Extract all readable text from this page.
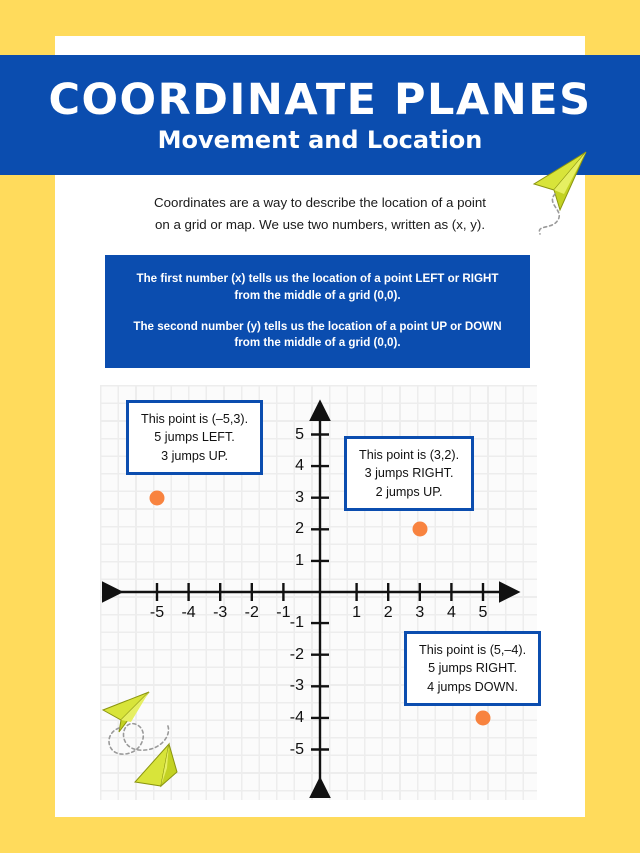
COORDINATE PLANES
Movement and Location
Coordinates are a way to describe the location of a point
on a grid or map. We use two numbers, written as (x, y).

The first number (x) tells us the location of a point LEFT or RIGHT from the middle of a grid (0,0).

The second number (y) tells us the location of a point UP or DOWN from the middle of a grid (0,0).

-5 -4 -3 -2 -1	1 2 3 4 5
5
4
3
2
1
-1
-2
-3
-4
-5
This point is (–5,3).
5 jumps LEFT.
3 jumps UP.	This point is (3,2).
3 jumps RIGHT.
2 jumps UP.
This point is (5,–4).
5 jumps RIGHT.
4 jumps DOWN.
